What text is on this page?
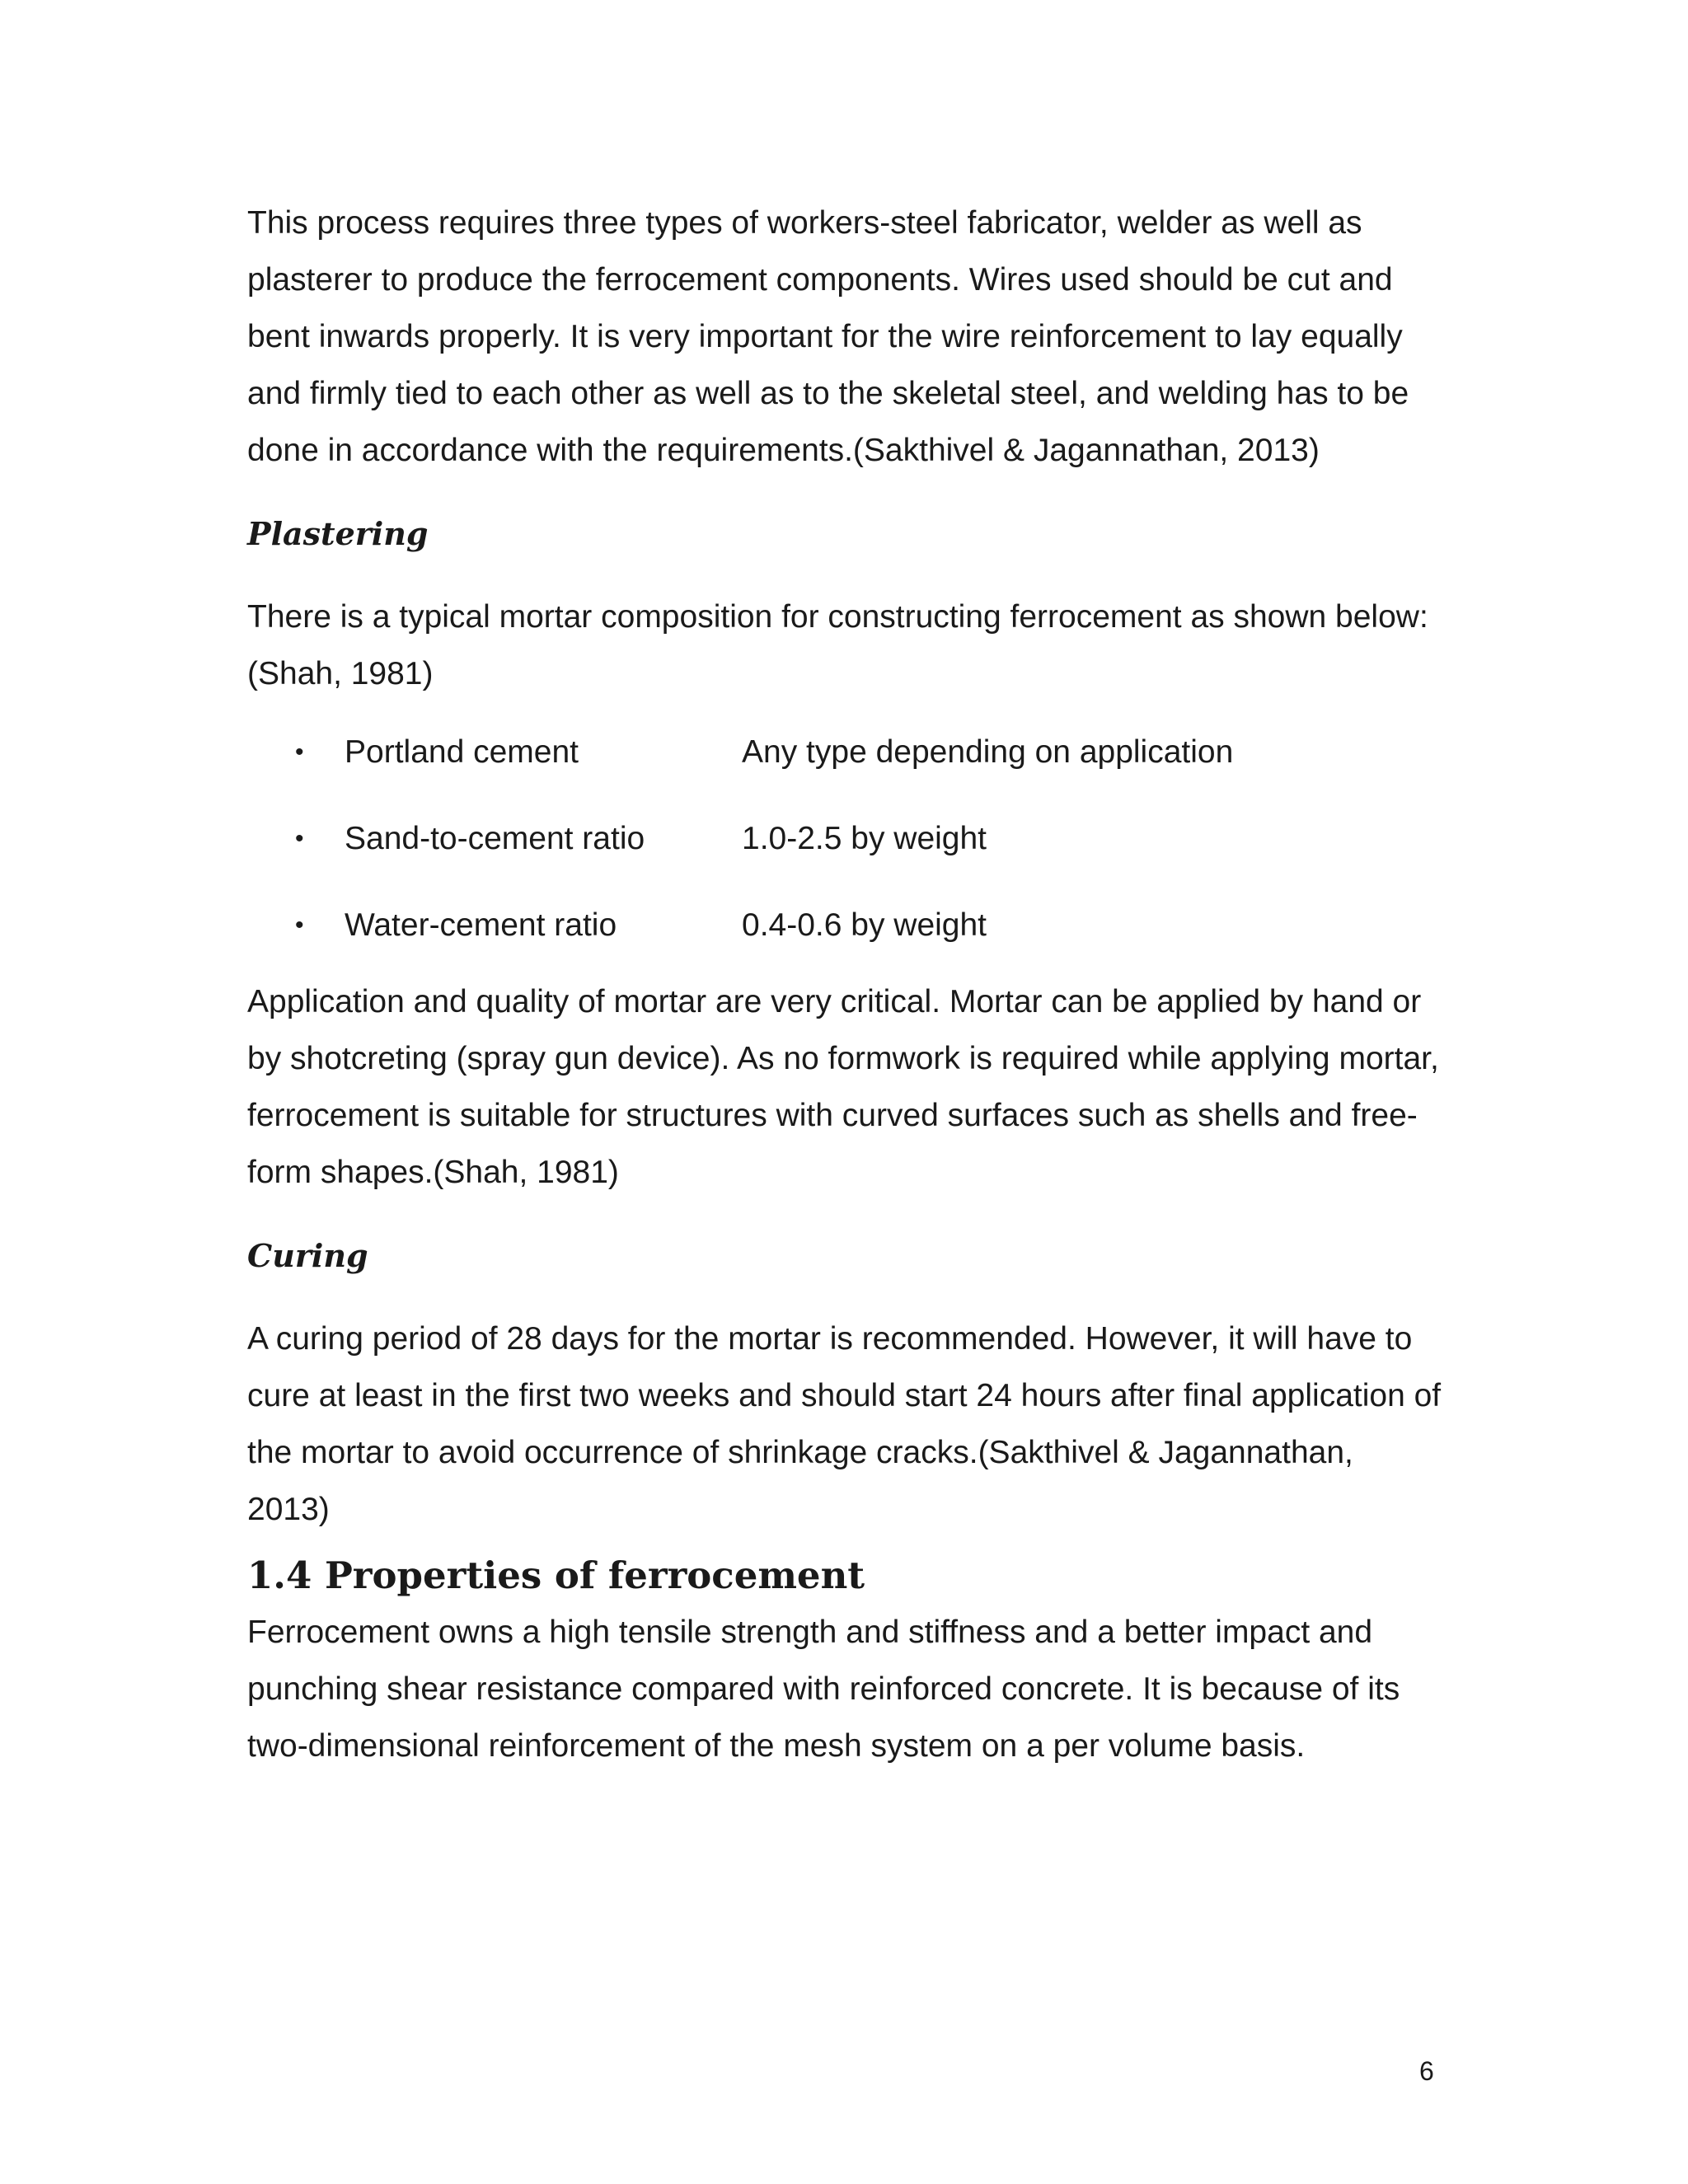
This process requires three types of workers-steel fabricator, welder as well as plasterer to produce the ferrocement components. Wires used should be cut and bent inwards properly. It is very important for the wire reinforcement to lay equally and firmly tied to each other as well as to the skeletal steel, and welding has to be done in accordance with the requirements.(Sakthivel & Jagannathan, 2013)

Plastering

There is a typical mortar composition for constructing ferrocement as shown below:(Shah, 1981)

•	Portland cement	Any type depending on application
•	Sand-to-cement ratio	1.0-2.5 by weight
•	Water-cement ratio	0.4-0.6 by weight

Application and quality of mortar are very critical. Mortar can be applied by hand or by shotcreting (spray gun device). As no formwork is required while applying mortar, ferrocement is suitable for structures with curved surfaces such as shells and free-form shapes.(Shah, 1981)

Curing

A curing period of 28 days for the mortar is recommended. However, it will have to cure at least in the first two weeks and should start 24 hours after final application of the mortar to avoid occurrence of shrinkage cracks.(Sakthivel & Jagannathan, 2013)

1.4 Properties of ferrocement

Ferrocement owns a high tensile strength and stiffness and a better impact and punching shear resistance compared with reinforced concrete. It is because of its two-dimensional reinforcement of the mesh system on a per volume basis.

6
